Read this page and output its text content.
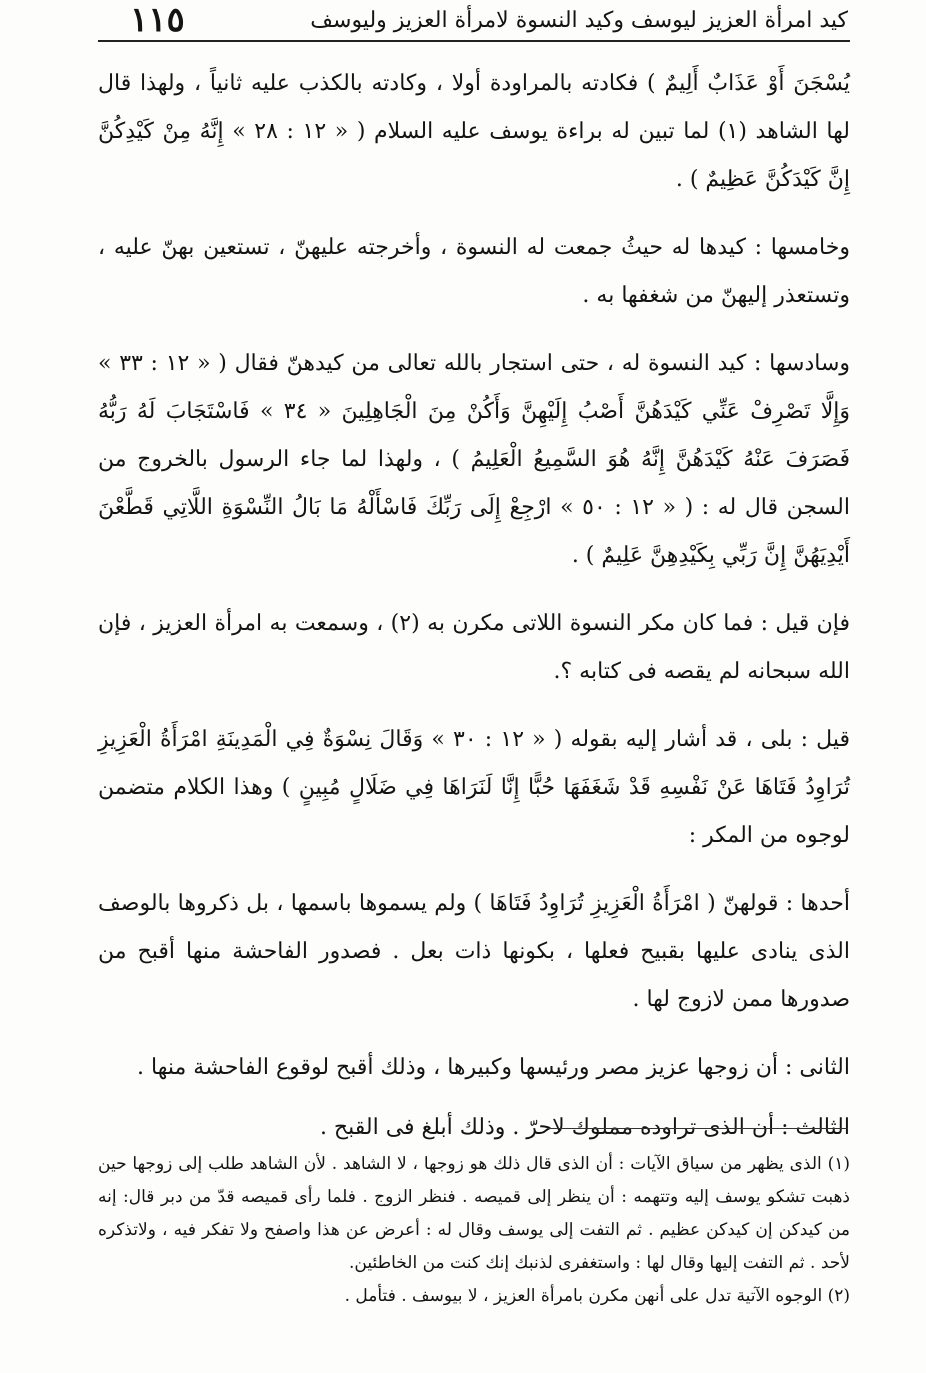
١١٥	كيد امرأة العزيز ليوسف وكيد النسوة لامرأة العزيز وليوسف

يُسْجَنَ أَوْ عَذَابٌ أَلِيمٌ ) فكادته بالمراودة أولا ، وكادته بالكذب عليه ثانياً ، ولهذا قال لها الشاهد (١) لما تبين له براءة يوسف عليه السلام ( « ١٢ : ٢٨ » إِنَّهُ مِنْ كَيْدِكُنَّ إِنَّ كَيْدَكُنَّ عَظِيمٌ ) .

وخامسها : كيدها له حيثُ جمعت له النسوة ، وأخرجته عليهنّ ، تستعين بهنّ عليه ، وتستعذر إليهنّ من شغفها به .

وسادسها : كيد النسوة له ، حتى استجار بالله تعالى من كيدهنّ فقال ( « ١٢ : ٣٣ » وَإِلَّا تَصْرِفْ عَنِّي كَيْدَهُنَّ أَصْبُ إِلَيْهِنَّ وَأَكُنْ مِنَ الْجَاهِلِينَ « ٣٤ » فَاسْتَجَابَ لَهُ رَبُّهُ فَصَرَفَ عَنْهُ كَيْدَهُنَّ إِنَّهُ هُوَ السَّمِيعُ الْعَلِيمُ ) ، ولهذا لما جاء الرسول بالخروج من السجن قال له : ( « ١٢ : ٥٠ » ارْجِعْ إِلَى رَبِّكَ فَاسْأَلْهُ مَا بَالُ النِّسْوَةِ اللَّاتِي قَطَّعْنَ أَيْدِيَهُنَّ إِنَّ رَبِّي بِكَيْدِهِنَّ عَلِيمٌ ) .

فإن قيل : فما كان مكر النسوة اللاتى مكرن به (٢) ، وسمعت به امرأة العزيز ، فإن الله سبحانه لم يقصه فى كتابه ؟.

قيل : بلى ، قد أشار إليه بقوله ( « ١٢ : ٣٠ » وَقَالَ نِسْوَةٌ فِي الْمَدِينَةِ امْرَأَةُ الْعَزِيزِ تُرَاوِدُ فَتَاهَا عَنْ نَفْسِهِ قَدْ شَغَفَهَا حُبًّا إِنَّا لَنَرَاهَا فِي ضَلَالٍ مُبِينٍ ) وهذا الكلام متضمن لوجوه من المكر :

أحدها : قولهنّ ( امْرَأَةُ الْعَزِيزِ تُرَاوِدُ فَتَاهَا ) ولم يسموها باسمها ، بل ذكروها بالوصف الذى ينادى عليها بقبيح فعلها ، بكونها ذات بعل . فصدور الفاحشة منها أقبح من صدورها ممن لازوج لها .

الثانى : أن زوجها عزيز مصر ورئيسها وكبيرها ، وذلك أقبح لوقوع الفاحشة منها .

الثالث : أن الذى تراوده مملوك لاحرّ . وذلك أبلغ فى القبح .

(١) الذى يظهر من سياق الآيات : أن الذى قال ذلك هو زوجها ، لا الشاهد . لأن الشاهد طلب إلى زوجها حين ذهبت تشكو يوسف إليه وتتهمه : أن ينظر إلى قميصه . فنظر الزوج . فلما رأى قميصه قدّ من دبر قال: إنه من كيدكن إن كيدكن عظيم . ثم التفت إلى يوسف وقال له : أعرض عن هذا واصفح ولا تفكر فيه ، ولاتذكره لأحد . ثم التفت إليها وقال لها : واستغفرى لذنبك إنك كنت من الخاطئين.

(٢) الوجوه الآتية تدل على أنهن مكرن بامرأة العزيز ، لا بيوسف . فتأمل .
